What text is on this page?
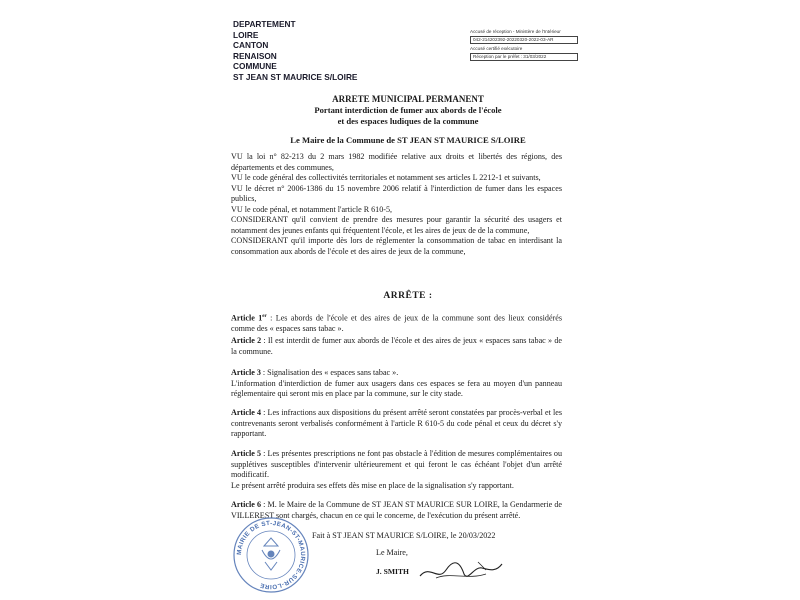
DEPARTEMENT
LOIRE
CANTON
RENAISON
COMMUNE
ST JEAN ST MAURICE S/LOIRE
Accusé de réception - Ministère de l'Intérieur
042-214202392-20220320-2022-03-AR
Accusé certifié exécutoire
Réception par le préfet : 31/03/2022
ARRETE MUNICIPAL PERMANENT
Portant interdiction de fumer aux abords de l'école
et des espaces ludiques de la commune
Le Maire de la Commune de ST JEAN ST MAURICE S/LOIRE

VU la loi n° 82-213 du 2 mars 1982 modifiée relative aux droits et libertés des régions, des départements et des communes,

VU le code général des collectivités territoriales et notamment ses articles L 2212-1 et suivants,

VU le décret n° 2006-1386 du 15 novembre 2006 relatif à l'interdiction de fumer dans les espaces publics,

VU le code pénal, et notamment l'article R 610-5,

CONSIDERANT qu'il convient de prendre des mesures pour garantir la sécurité des usagers et notamment des jeunes enfants qui fréquentent l'école, et les aires de jeux de de la commune,

CONSIDERANT qu'il importe dès lors de réglementer la consommation de tabac en interdisant la consommation aux abords de l'école et des aires de jeux de la commune,

ARRÊTE :
Article 1er : Les abords de l'école et des aires de jeux de la commune sont des lieux considérés comme des « espaces sans tabac ».
Article 2 : Il est interdit de fumer aux abords de l'école et des aires de jeux « espaces sans tabac » de la commune.

Article 3 : Signalisation des « espaces sans tabac ».

L'information d'interdiction de fumer aux usagers dans ces espaces se fera au moyen d'un panneau réglementaire qui seront mis en place par la commune, sur le city stade.

Article 4 : Les infractions aux dispositions du présent arrêté seront constatées par procès-verbal et les contrevenants seront verbalisés conformément à l'article R 610-5 du code pénal et ceux du décret s'y rapportant.

Article 5 : Les présentes prescriptions ne font pas obstacle à l'édition de mesures complémentaires ou supplétives susceptibles d'intervenir ultérieurement et qui feront le cas échéant l'objet d'un arrêté modificatif.

Le présent arrêté produira ses effets dès mise en place de la signalisation s'y rapportant.

Article 6 : M. le Maire de la Commune de ST JEAN ST MAURICE SUR LOIRE, la Gendarmerie de VILLEREST sont chargés, chacun en ce qui le concerne, de l'exécution du présent arrêté.
Fait à ST JEAN ST MAURICE S/LOIRE, le 20/03/2022
Le Maire,
J. SMITH
MAIRIE DE ST-JEAN-ST-MAURICE-SUR-LOIRE
